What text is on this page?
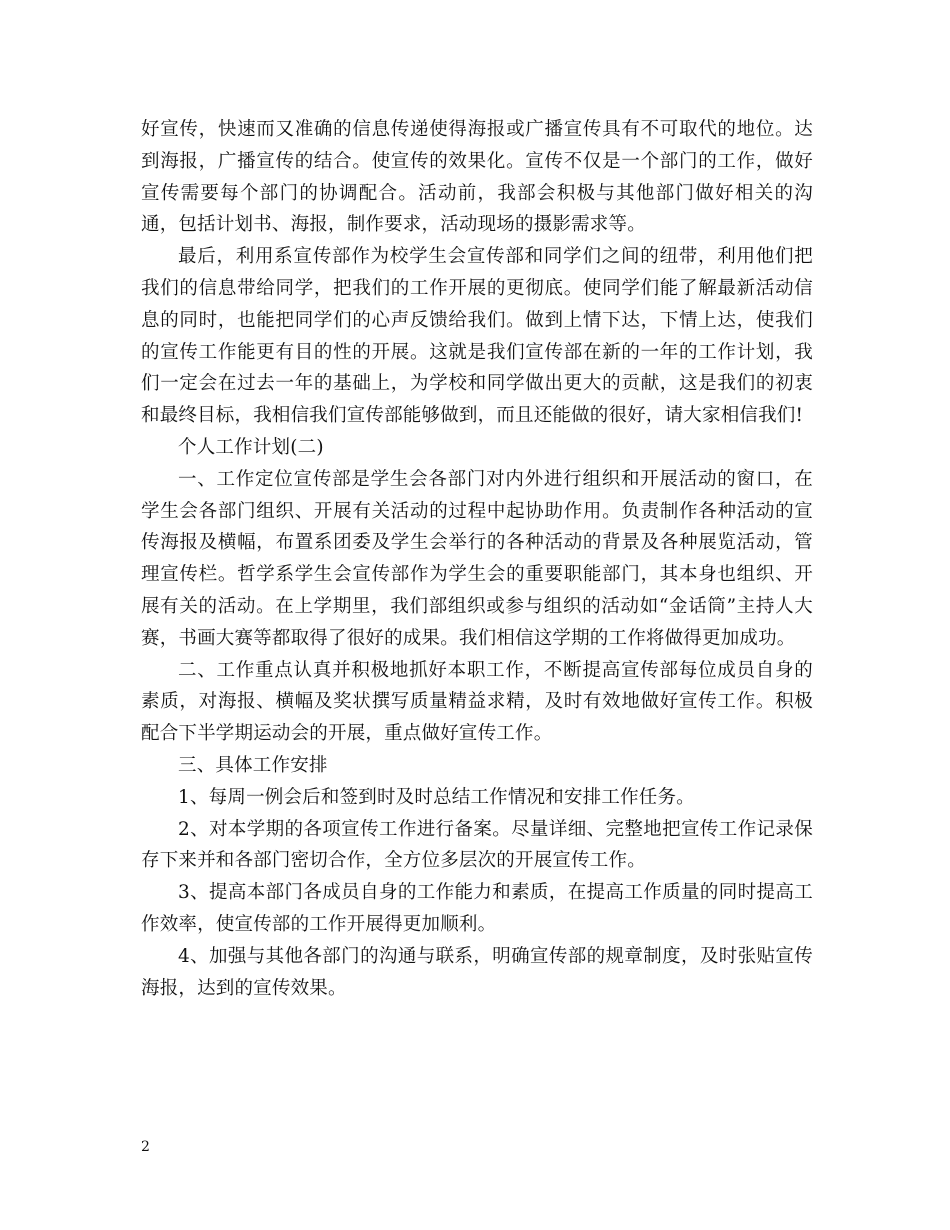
好宣传，快速而又准确的信息传递使得海报或广播宣传具有不可取代的地位。达到海报，广播宣传的结合。使宣传的效果化。宣传不仅是一个部门的工作，做好宣传需要每个部门的协调配合。活动前，我部会积极与其他部门做好相关的沟通，包括计划书、海报，制作要求，活动现场的摄影需求等。

最后，利用系宣传部作为校学生会宣传部和同学们之间的纽带，利用他们把我们的信息带给同学，把我们的工作开展的更彻底。使同学们能了解最新活动信息的同时，也能把同学们的心声反馈给我们。做到上情下达，下情上达，使我们的宣传工作能更有目的性的开展。这就是我们宣传部在新的一年的工作计划，我们一定会在过去一年的基础上，为学校和同学做出更大的贡献，这是我们的初衷和最终目标，我相信我们宣传部能够做到，而且还能做的很好，请大家相信我们!

个人工作计划(二)

一、工作定位宣传部是学生会各部门对内外进行组织和开展活动的窗口，在学生会各部门组织、开展有关活动的过程中起协助作用。负责制作各种活动的宣传海报及横幅，布置系团委及学生会举行的各种活动的背景及各种展览活动，管理宣传栏。哲学系学生会宣传部作为学生会的重要职能部门，其本身也组织、开展有关的活动。在上学期里，我们部组织或参与组织的活动如“金话筒”主持人大赛，书画大赛等都取得了很好的成果。我们相信这学期的工作将做得更加成功。

二、工作重点认真并积极地抓好本职工作，不断提高宣传部每位成员自身的素质，对海报、横幅及奖状撰写质量精益求精，及时有效地做好宣传工作。积极配合下半学期运动会的开展，重点做好宣传工作。

三、具体工作安排

1、每周一例会后和签到时及时总结工作情况和安排工作任务。

2、对本学期的各项宣传工作进行备案。尽量详细、完整地把宣传工作记录保存下来并和各部门密切合作，全方位多层次的开展宣传工作。

3、提高本部门各成员自身的工作能力和素质，在提高工作质量的同时提高工作效率，使宣传部的工作开展得更加顺利。

4、加强与其他各部门的沟通与联系，明确宣传部的规章制度，及时张贴宣传海报，达到的宣传效果。

2
